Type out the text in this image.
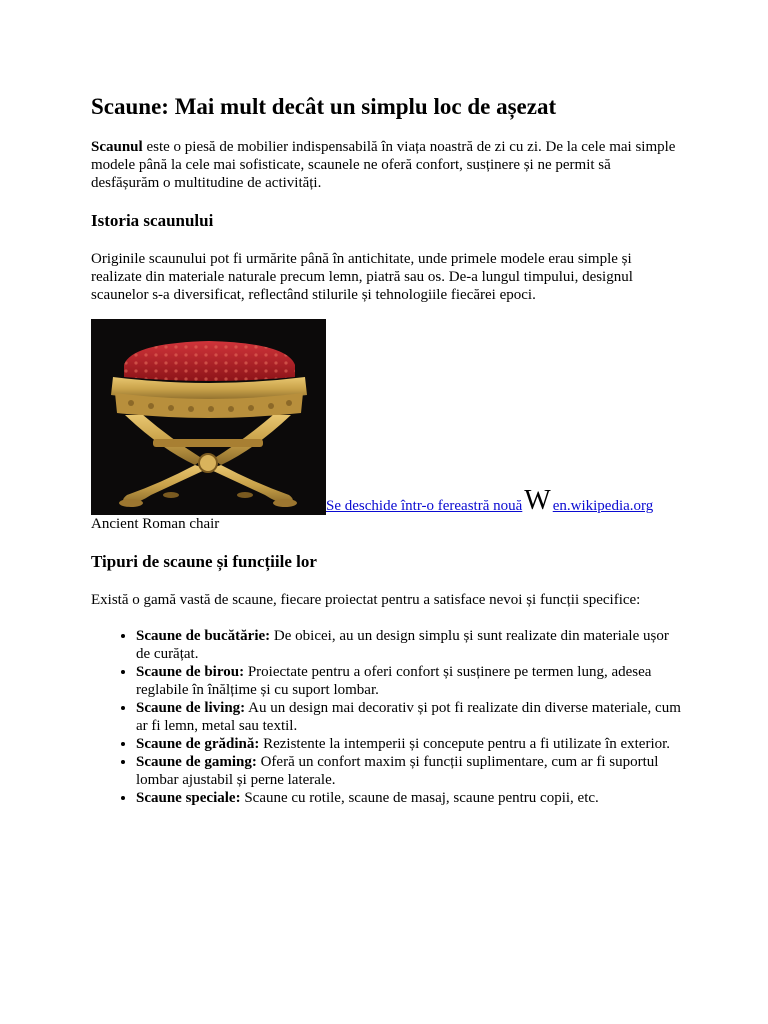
Scaune: Mai mult decât un simplu loc de așezat

Scaunul este o piesă de mobilier indispensabilă în viața noastră de zi cu zi. De la cele mai simple modele până la cele mai sofisticate, scaunele ne oferă confort, susținere și ne permit să desfășurăm o multitudine de activități.

Istoria scaunului

Originile scaunului pot fi urmărite până în antichitate, unde primele modele erau simple și realizate din materiale naturale precum lemn, piatră sau os. De-a lungul timpului, designul scaunelor s-a diversificat, reflectând stilurile și tehnologiile fiecărei epoci.

Se deschide într-o fereastră nouăW en.wikipedia.org
Ancient Roman chair
Tipuri de scaune și funcțiile lor

Există o gamă vastă de scaune, fiecare proiectat pentru a satisface nevoi și funcții specifice:

• Scaune de bucătărie: De obicei, au un design simplu și sunt realizate din materiale ușor de curățat.
• Scaune de birou: Proiectate pentru a oferi confort și susținere pe termen lung, adesea reglabile în înălțime și cu suport lombar.
• Scaune de living: Au un design mai decorativ și pot fi realizate din diverse materiale, cum ar fi lemn, metal sau textil.
• Scaune de grădină: Rezistente la intemperii și concepute pentru a fi utilizate în exterior.
• Scaune de gaming: Oferă un confort maxim și funcții suplimentare, cum ar fi suportul lombar ajustabil și perne laterale.
• Scaune speciale: Scaune cu rotile, scaune de masaj, scaune pentru copii, etc.
